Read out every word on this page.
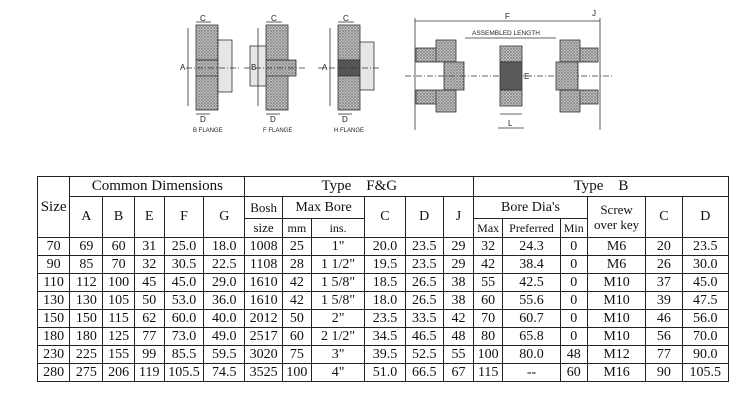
C
A
D
B FLANGE
C
B
D
F FLANGE
C
A
D
H FLANGE
F	J
ASSEMBLED LENGTH
E
L
Size	Common Dimensions					Type    F&G						Type    B					
	A	B	E	F	G	Bosh	Max Bore		C	D	J	Bore Dia's			Screw
over key	C	D
						size	mm	ins.				Max	Preferred	Min			
70	69	60	31	25.0	18.0	1008	25	1"	20.0	23.5	29	32	24.3	0	M6	20	23.5
90	85	70	32	30.5	22.5	1108	28	1 1/2"	19.5	23.5	29	42	38.4	0	M6	26	30.0
110	112	100	45	45.0	29.0	1610	42	1 5/8"	18.5	26.5	38	55	42.5	0	M10	37	45.0
130	130	105	50	53.0	36.0	1610	42	1 5/8"	18.0	26.5	38	60	55.6	0	M10	39	47.5
150	150	115	62	60.0	40.0	2012	50	2"	23.5	33.5	42	70	60.7	0	M10	46	56.0
180	180	125	77	73.0	49.0	2517	60	2 1/2"	34.5	46.5	48	80	65.8	0	M10	56	70.0
230	225	155	99	85.5	59.5	3020	75	3"	39.5	52.5	55	100	80.0	48	M12	77	90.0
280	275	206	119	105.5	74.5	3525	100	4"	51.0	66.5	67	115	--	60	M16	90	105.5
